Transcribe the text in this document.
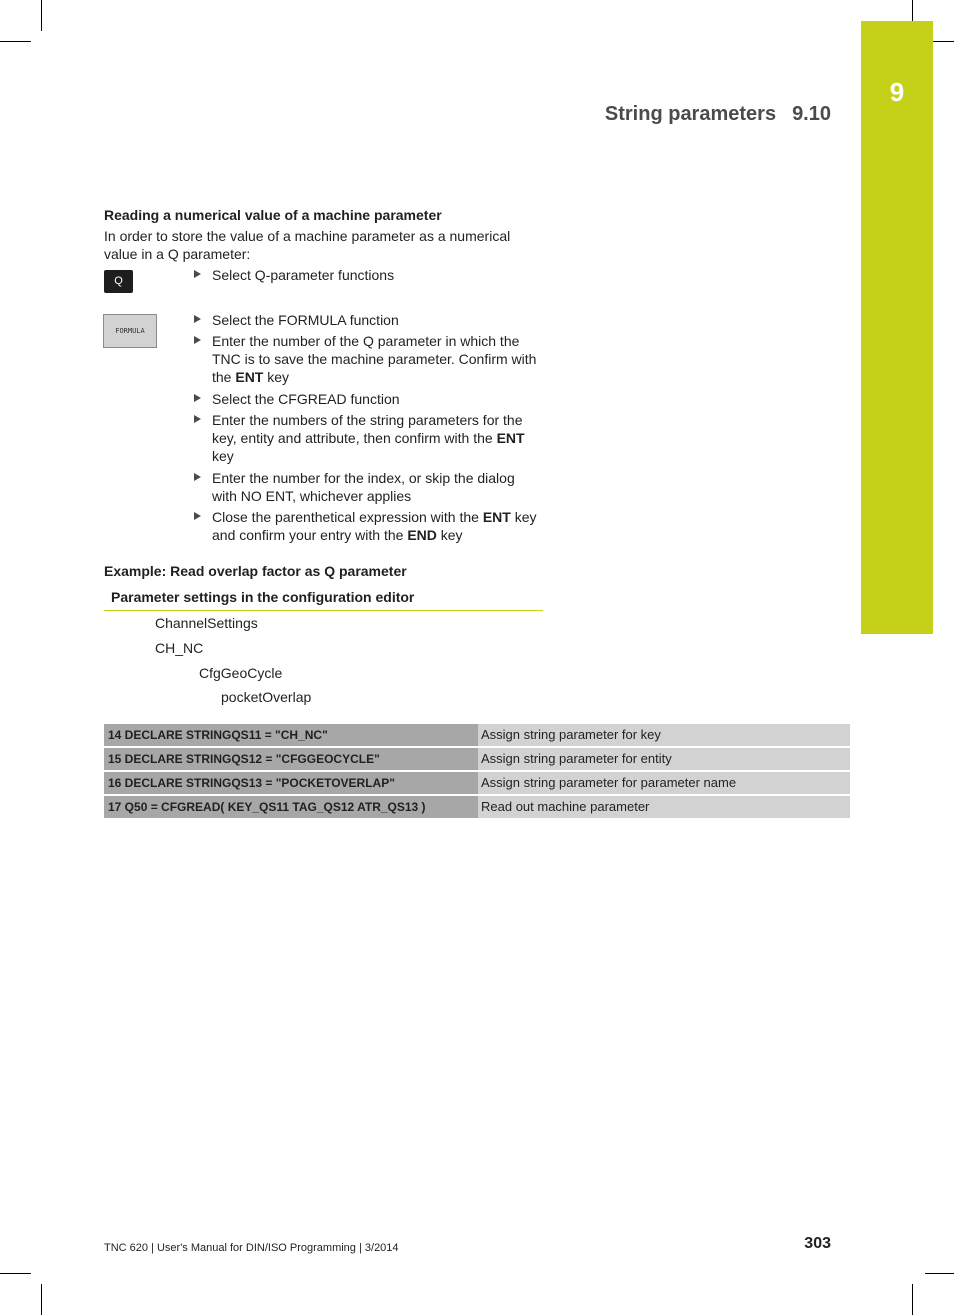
9
String parameters 9.10
Reading a numerical value of a machine parameter
In order to store the value of a machine parameter as a numerical value in a Q parameter:
Q
FORMULA
Select Q-parameter functions
Select the FORMULA function
Enter the number of the Q parameter in which the TNC is to save the machine parameter. Confirm with the ENT key
Select the CFGREAD function
Enter the numbers of the string parameters for the key, entity and attribute, then confirm with the ENT key
Enter the number for the index, or skip the dialog with NO ENT, whichever applies
Close the parenthetical expression with the ENT key and confirm your entry with the END key
Example: Read overlap factor as Q parameter
Parameter settings in the configuration editor
ChannelSettings
CH_NC
CfgGeoCycle
pocketOverlap
14 DECLARE STRINGQS11 = "CH_NC"	Assign string parameter for key
15 DECLARE STRINGQS12 = "CFGGEOCYCLE"	Assign string parameter for entity
16 DECLARE STRINGQS13 = "POCKETOVERLAP"	Assign string parameter for parameter name
17 Q50 = CFGREAD( KEY_QS11 TAG_QS12 ATR_QS13 )	Read out machine parameter
TNC 620 | User's Manual for DIN/ISO Programming | 3/2014	303
